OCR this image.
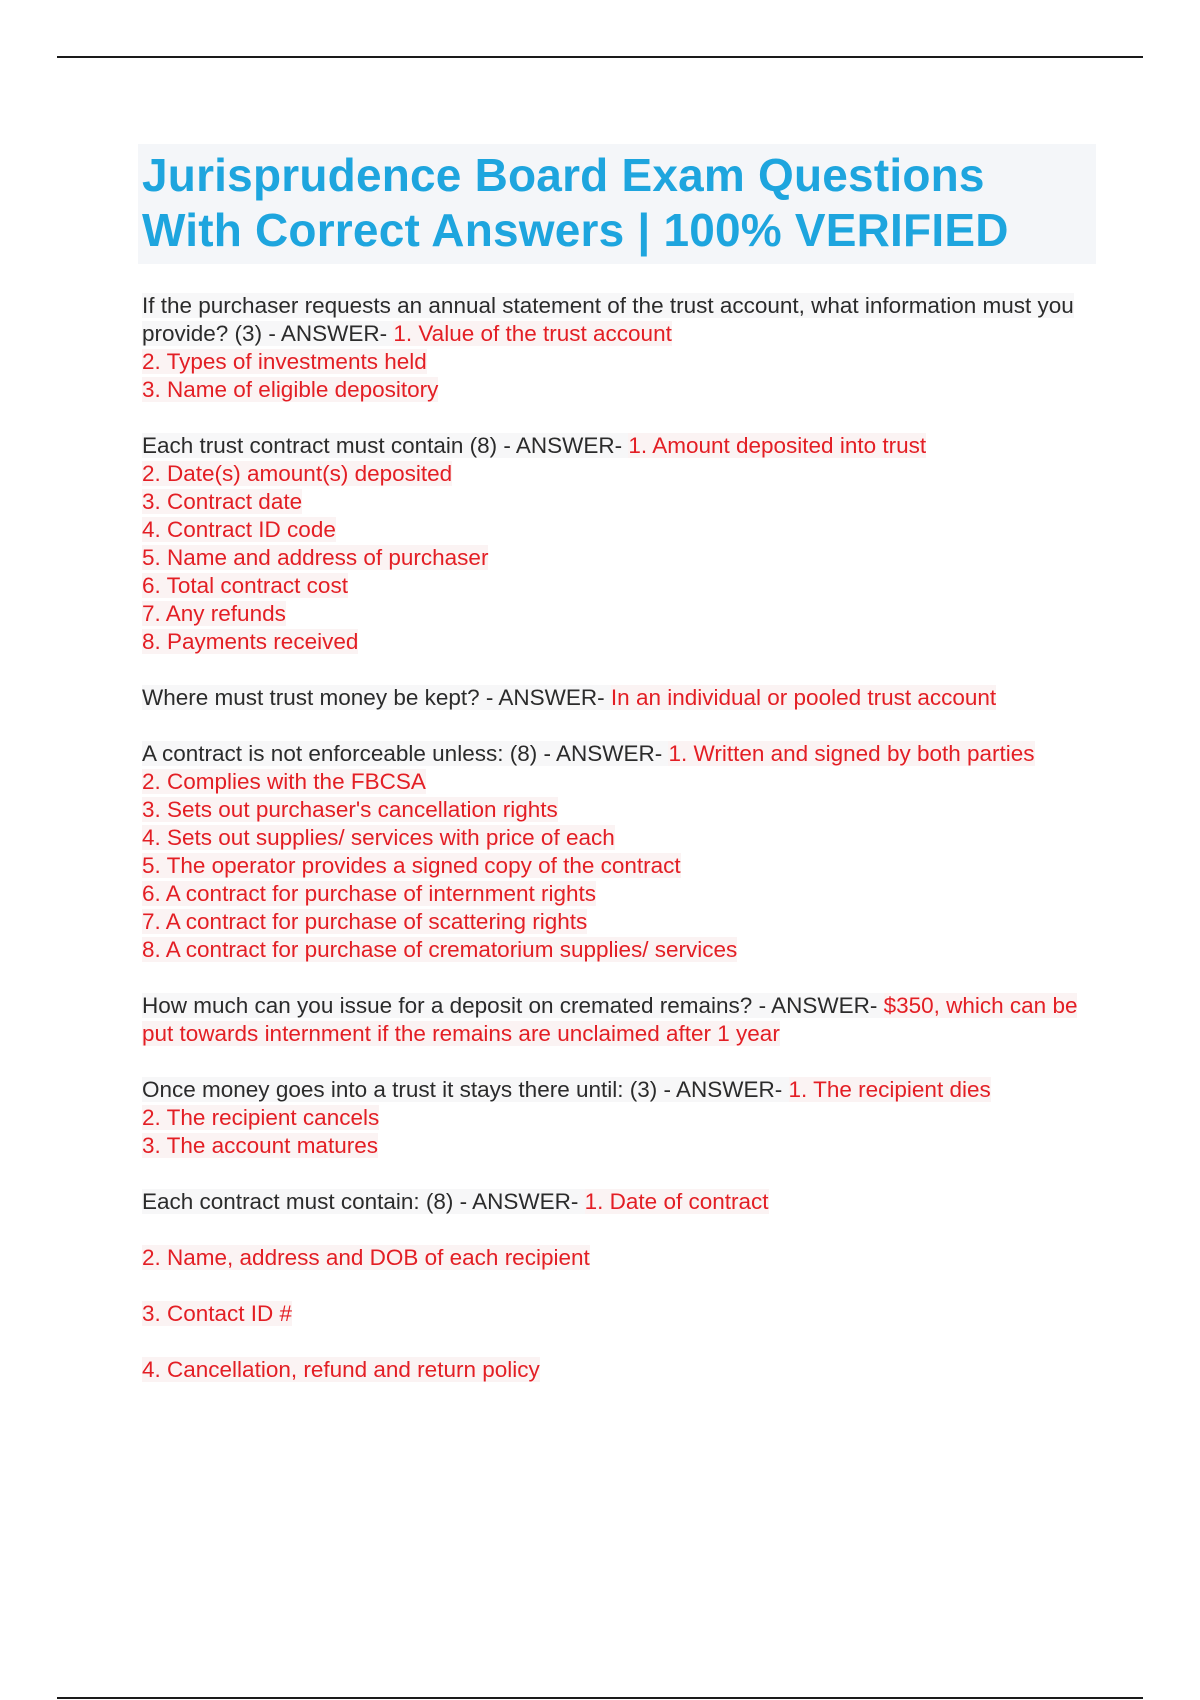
Jurisprudence Board Exam Questions
With Correct Answers | 100% VERIFIED
If the purchaser requests an annual statement of the trust account, what information must you provide? (3) - ANSWER- 1. Value of the trust account
2. Types of investments held
3. Name of eligible depository
Each trust contract must contain (8) - ANSWER- 1. Amount deposited into trust
2. Date(s) amount(s) deposited
3. Contract date
4. Contract ID code
5. Name and address of purchaser
6. Total contract cost
7. Any refunds
8. Payments received
Where must trust money be kept? - ANSWER- In an individual or pooled trust account
A contract is not enforceable unless: (8) - ANSWER- 1. Written and signed by both parties
2. Complies with the FBCSA
3. Sets out purchaser's cancellation rights
4. Sets out supplies/ services with price of each
5. The operator provides a signed copy of the contract
6. A contract for purchase of internment rights
7. A contract for purchase of scattering rights
8. A contract for purchase of crematorium supplies/ services
How much can you issue for a deposit on cremated remains? - ANSWER- $350, which can be put towards internment if the remains are unclaimed after 1 year
Once money goes into a trust it stays there until: (3) - ANSWER- 1. The recipient dies
2. The recipient cancels
3. The account matures
Each contract must contain: (8) - ANSWER- 1. Date of contract
2. Name, address and DOB of each recipient
3. Contact ID #
4. Cancellation, refund and return policy
